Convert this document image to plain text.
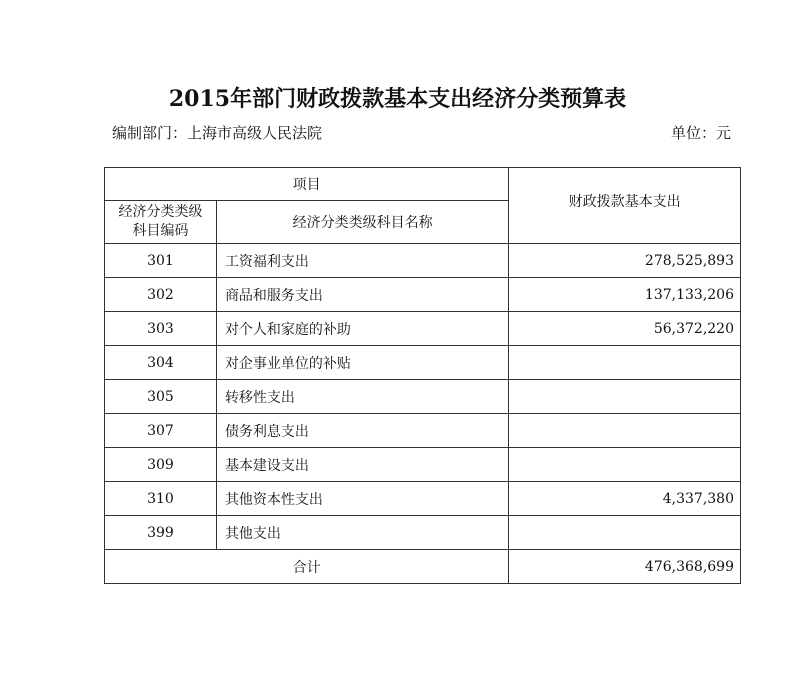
2015年部门财政拨款基本支出经济分类预算表
编制部门：上海市高级人民法院	单位：元
项目		财政拨款基本支出
经济分类类级科目编码	经济分类类级科目名称	
301	工资福利支出	278,525,893
302	商品和服务支出	137,133,206
303	对个人和家庭的补助	56,372,220
304	对企事业单位的补贴	
305	转移性支出	
307	债务利息支出	
309	基本建设支出	
310	其他资本性支出	4,337,380
399	其他支出	
合计		476,368,699
